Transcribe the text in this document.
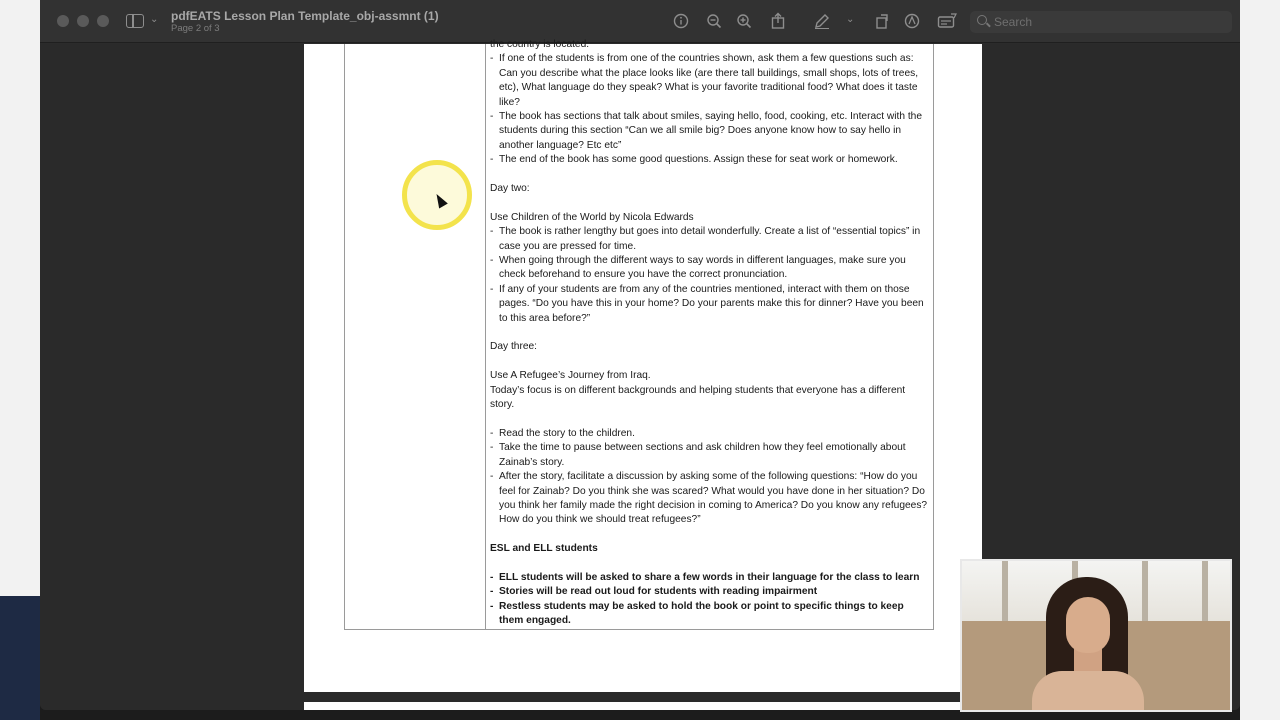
⌄ pdfEATS Lesson Plan Template_obj-assmnt (1)
Page 2 of 3
⌄
Search

the country is located.

- If one of the students is from one of the countries shown, ask them a few questions such as: Can you describe what the place looks like (are there tall buildings, small shops, lots of trees, etc), What language do they speak? What is your favorite traditional food? What does it taste like?

- The book has sections that talk about smiles, saying hello, food, cooking, etc. Interact with the students during this section “Can we all smile big? Does anyone know how to say hello in another language? Etc etc”

- The end of the book has some good questions. Assign these for seat work or homework.

Day two:

Use Children of the World by Nicola Edwards

- The book is rather lengthy but goes into detail wonderfully. Create a list of “essential topics” in case you are pressed for time.

- When going through the different ways to say words in different languages, make sure you check beforehand to ensure you have the correct pronunciation.

- If any of your students are from any of the countries mentioned, interact with them on those pages. “Do you have this in your home? Do your parents make this for dinner? Have you been to this area before?”

Day three:

Use A Refugee’s Journey from Iraq.

Today’s focus is on different backgrounds and helping students that everyone has a different story.

- Read the story to the children.

- Take the time to pause between sections and ask children how they feel emotionally about Zainab’s story.

- After the story, facilitate a discussion by asking some of the following questions: “How do you feel for Zainab? Do you think she was scared? What would you have done in her situation? Do you think her family made the right decision in coming to America? Do you know any refugees? How do you think we should treat refugees?”

ESL and ELL students

- ELL students will be asked to share a few words in their language for the class to learn

- Stories will be read out loud for students with reading impairment

- Restless students may be asked to hold the book or point to specific things to keep them engaged.
